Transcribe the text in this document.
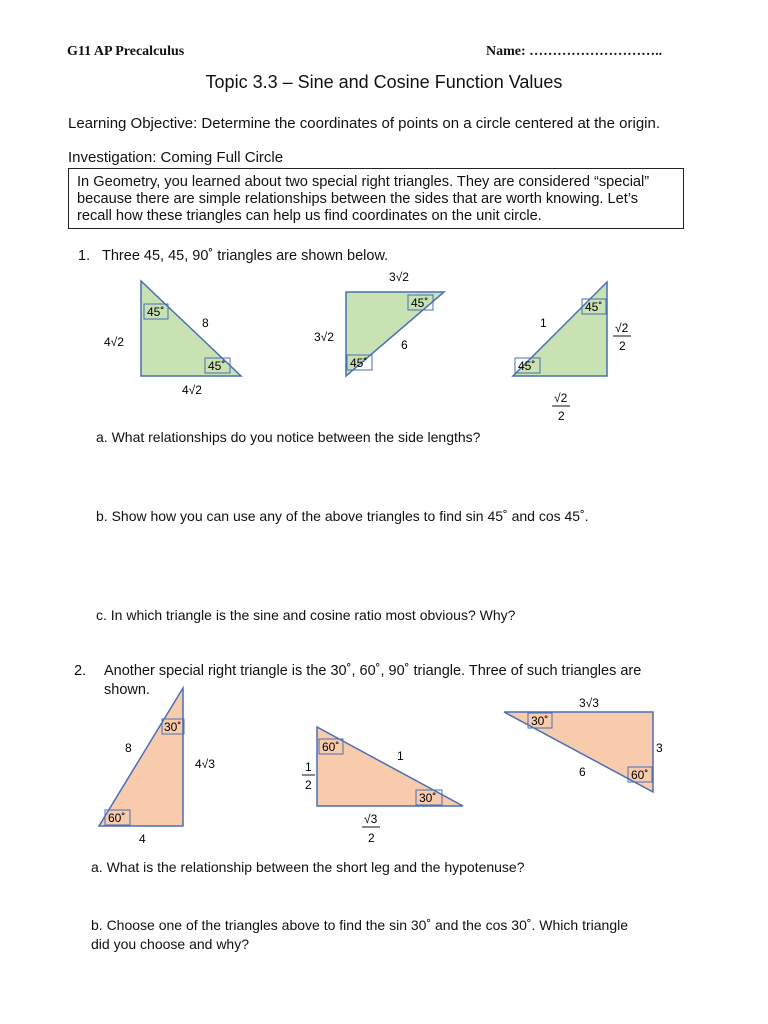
G11 AP Precalculus	Name: ………………………..
Topic 3.3 – Sine and Cosine Function Values
Learning Objective: Determine the coordinates of points on a circle centered at the origin.
Investigation: Coming Full Circle
In Geometry, you learned about two special right triangles. They are considered “special” because there are simple relationships between the sides that are worth knowing. Let’s recall how these triangles can help us find coordinates on the unit circle.
1. Three 45, 45, 90˚ triangles are shown below.
45˚
45˚
8
4√2
4√2
45˚
45˚
3√2
3√2
6
45˚
45˚
1	√2
2
√2
2
a. What relationships do you notice between the side lengths?
b. Show how you can use any of the above triangles to find sin 45˚ and cos 45˚.
c. In which triangle is the sine and cosine ratio most obvious? Why?
2. Another special right triangle is the 30˚, 60˚, 90˚ triangle. Three of such triangles are
shown.
30˚
60˚
8
4√3
4
60˚
30˚
1
1
2
√3
2
30˚
60˚
3√3
3
6
a. What is the relationship between the short leg and the hypotenuse?
b. Choose one of the triangles above to find the sin 30˚ and the cos 30˚. Which triangle
did you choose and why?
